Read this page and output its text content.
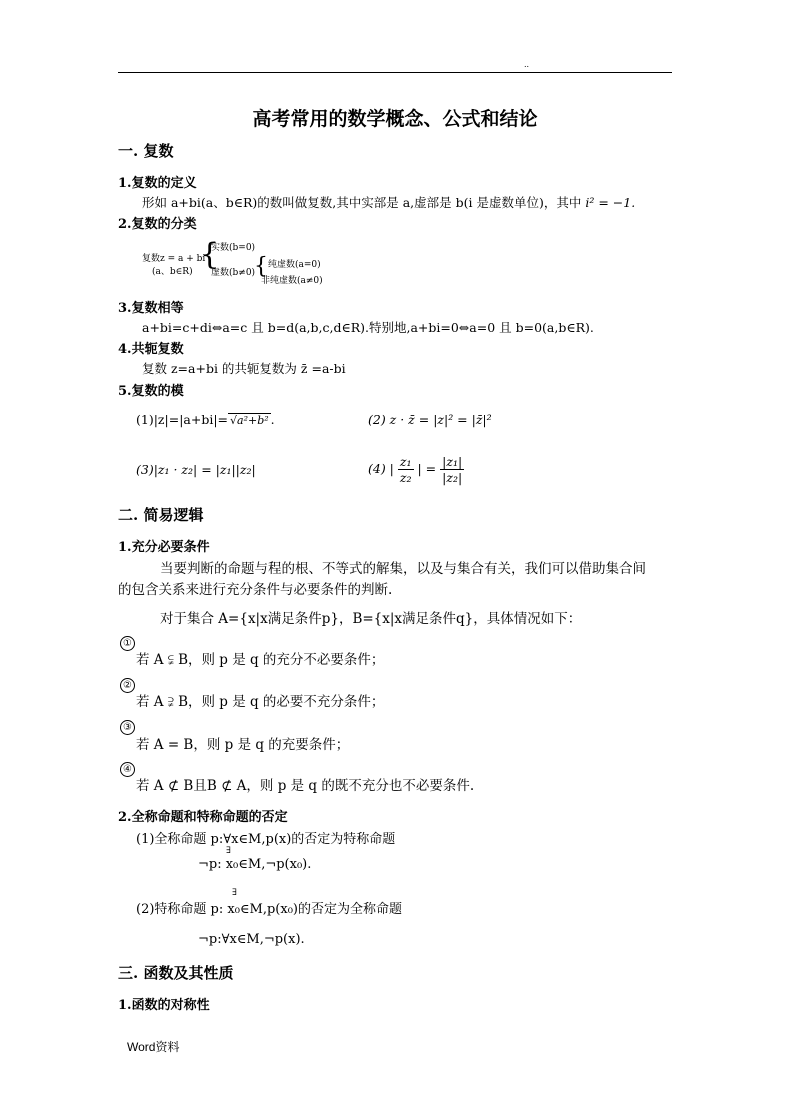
..
高考常用的数学概念、公式和结论
一. 复数
1.复数的定义
形如 a+bi(a、b∈R)的数叫做复数,其中实部是 a,虚部是 b(i 是虚数单位)，其中 i² = −1.
2.复数的分类
复数z = a + bi
(a、b∈R) {
实数(b=0)
虚数(b≠0)
{ 纯虚数(a=0)
非纯虚数(a≠0)
3.复数相等
a+bi=c+di⇔a=c 且 b=d(a,b,c,d∈R).特别地,a+bi=0⇔a=0 且 b=0(a,b∈R).
4.共轭复数
复数 z=a+bi 的共轭复数为 z̄ =a-bi
5.复数的模
(1)|z|=|a+bi|= √a²+b² .	(2) z · z̄ = |z|² = |z̄|²
(3)|z₁ · z₂| = |z₁||z₂|	(4) | $\frac{\text{z₁}}{\text{z₂}}$ | = $\frac{\text{|z₁|}}{\text{|z₂|}}$
二. 简易逻辑
1.充分必要条件
当要判断的命题与程的根、不等式的解集，以及与集合有关，我们可以借助集合间
的包含关系来进行充分条件与必要条件的判断.
对于集合 A={x|x满足条件p}，B={x|x满足条件q}，具体情况如下：
①
若 A ⫋ B，则 p 是 q 的充分不必要条件；
②
若 A ⫌ B，则 p 是 q 的必要不充分条件；
③
若 A = B，则 p 是 q 的充要条件；
④
若 A ⊄ B且B ⊄ A，则 p 是 q 的既不充分也不必要条件.
2.全称命题和特称命题的否定
(1)全称命题 p:∀x∈M,p(x)的否定为特称命题
∃
¬p: x₀∈M,¬p(x₀).
∃
(2)特称命题 p: x₀∈M,p(x₀)的否定为全称命题
¬p:∀x∈M,¬p(x).
三. 函数及其性质
1.函数的对称性
Word资料
